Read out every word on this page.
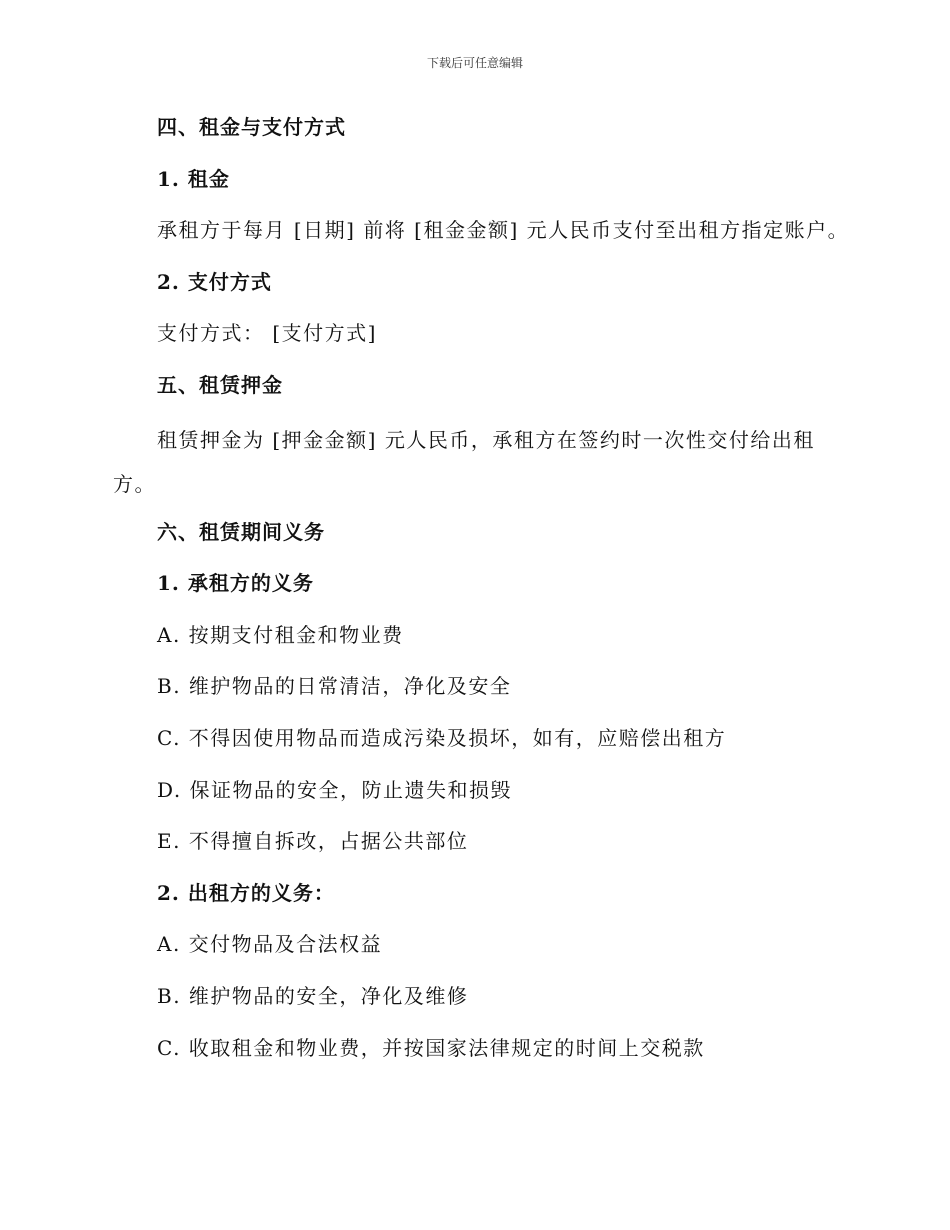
下载后可任意编辑
四、租金与支付方式
1. 租金
承租方于每月 [日期] 前将 [租金金额] 元人民币支付至出租方指定账户。
2. 支付方式
支付方式： [支付方式]
五、租赁押金
租赁押金为 [押金金额] 元人民币，承租方在签约时一次性交付给出租方。
六、租赁期间义务
1. 承租方的义务
A. 按期支付租金和物业费
B. 维护物品的日常清洁，净化及安全
C. 不得因使用物品而造成污染及损坏，如有，应赔偿出租方
D. 保证物品的安全，防止遗失和损毁
E. 不得擅自拆改，占据公共部位
2. 出租方的义务：
A. 交付物品及合法权益
B. 维护物品的安全，净化及维修
C. 收取租金和物业费，并按国家法律规定的时间上交税款
